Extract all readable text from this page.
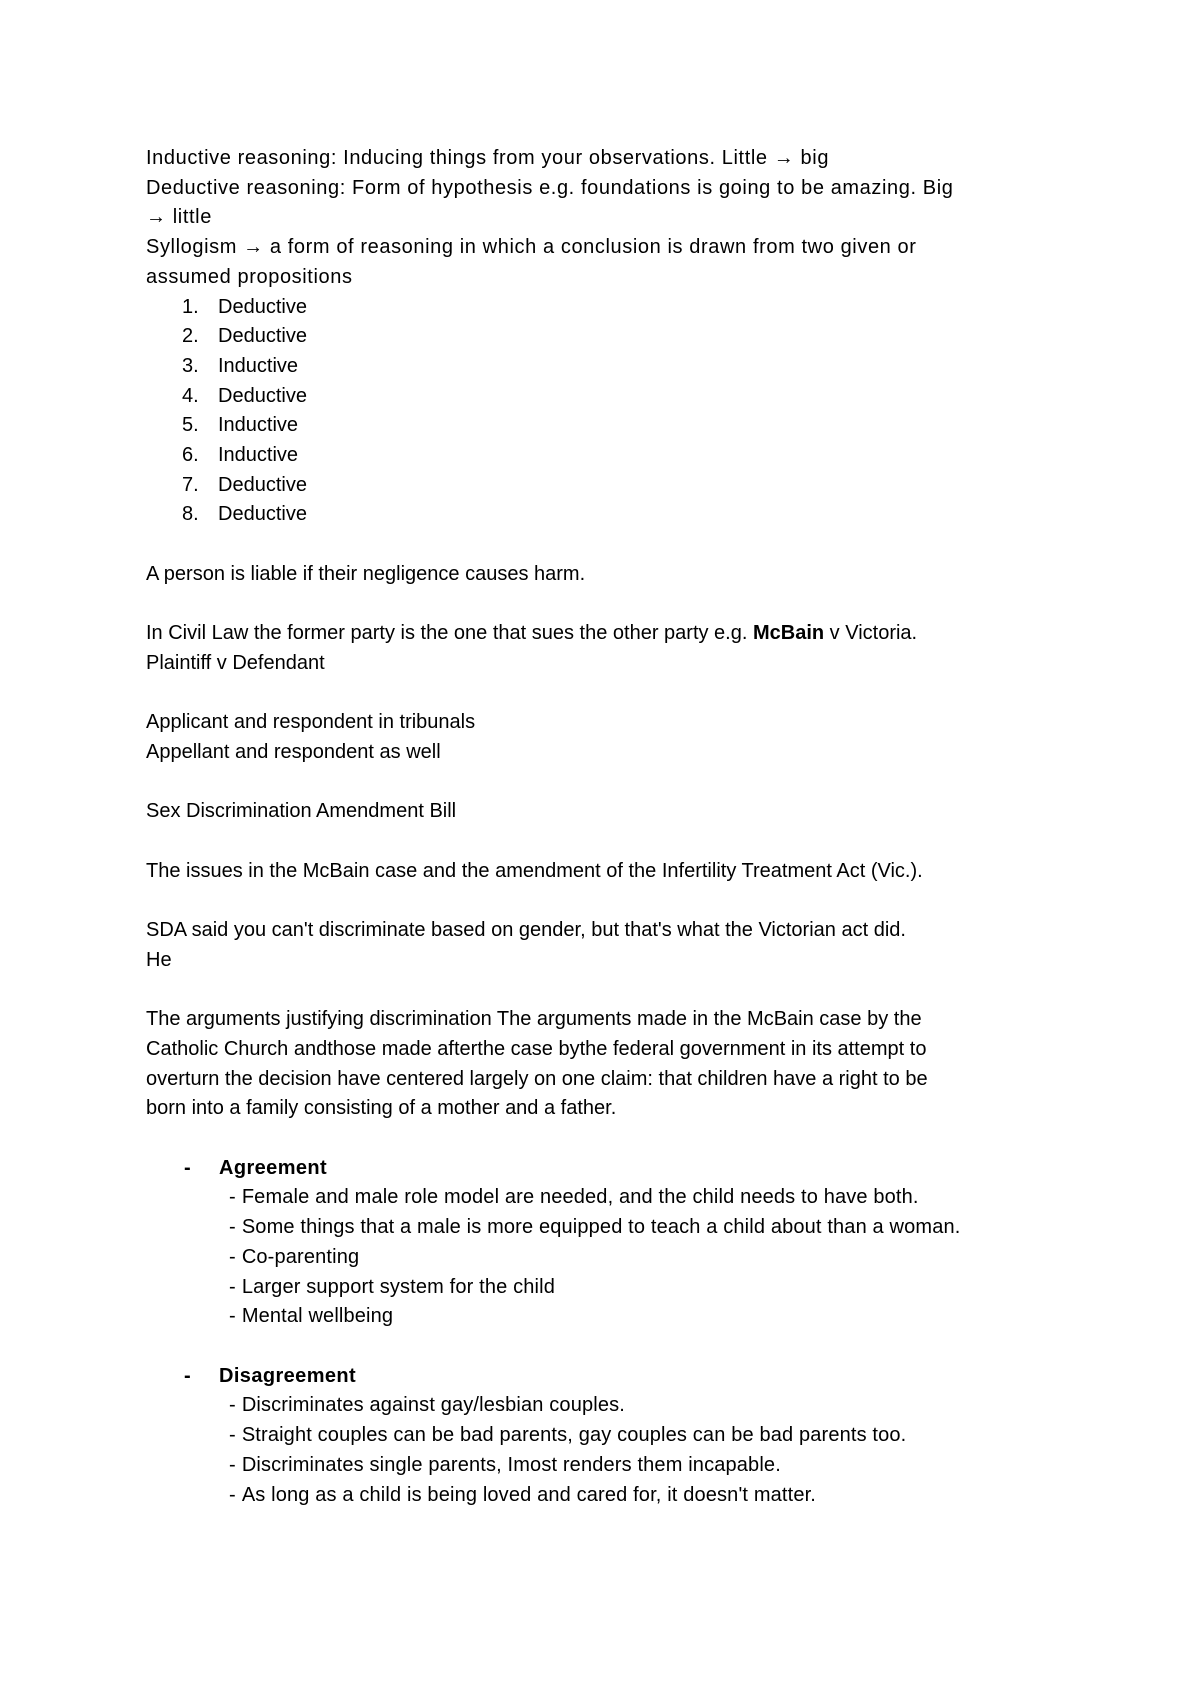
Inductive reasoning: Inducing things from your observations. Little → big

Deductive reasoning: Form of hypothesis e.g. foundations is going to be amazing. Big

→ little

Syllogism → a form of reasoning in which a conclusion is drawn from two given or

assumed propositions

1. Deductive
2. Deductive
3. Inductive
4. Deductive
5. Inductive
6. Inductive
7. Deductive
8. Deductive

A person is liable if their negligence causes harm.

In Civil Law the former party is the one that sues the other party e.g. McBain v Victoria.

Plaintiff v Defendant

Applicant and respondent in tribunals

Appellant and respondent as well

Sex Discrimination Amendment Bill

The issues in the McBain case and the amendment of the Infertility Treatment Act (Vic.).

SDA said you can't discriminate based on gender, but that's what the Victorian act did.

He

The arguments justifying discrimination The arguments made in the McBain case by the

Catholic Church andthose made afterthe case bythe federal government in its attempt to

overturn the decision have centered largely on one claim: that children have a right to be

born into a family consisting of a mother and a father.

- Agreement
- Female and male role model are needed, and the child needs to have both.
- Some things that a male is more equipped to teach a child about than a woman.
- Co-parenting
- Larger support system for the child
- Mental wellbeing
- Disagreement
- Discriminates against gay/lesbian couples.
- Straight couples can be bad parents, gay couples can be bad parents too.
- Discriminates single parents, Imost renders them incapable.
- As long as a child is being loved and cared for, it doesn't matter.
